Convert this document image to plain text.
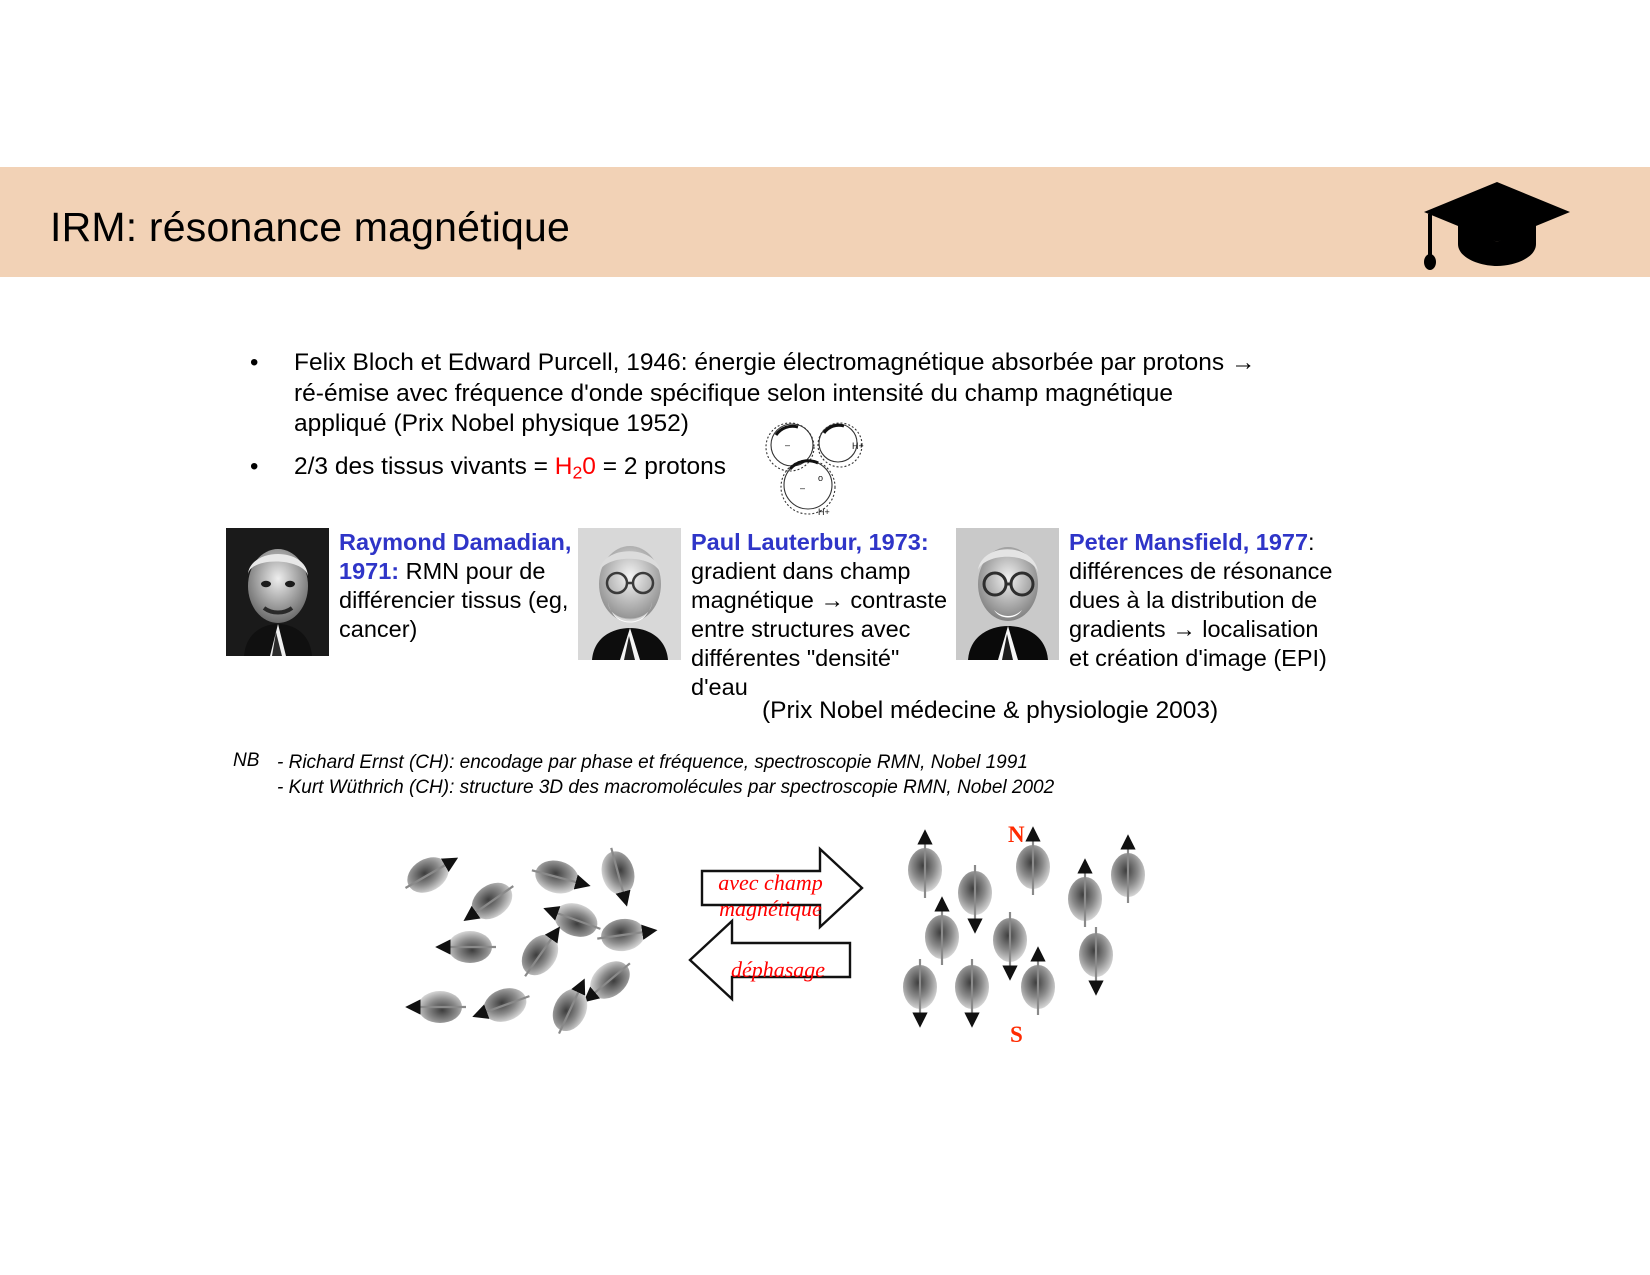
IRM: résonance magnétique
•	Felix Bloch et Edward Purcell, 1946: énergie électromagnétique absorbée par protons → ré-émise avec fréquence d'onde spécifique selon intensité du champ magnétique appliqué (Prix Nobel physique 1952)
•	2/3 des tissus vivants = $H_20 = 2$ protons
–
–
o
H+
H+
Raymond Damadian, 1971: RMN pour de différencier tissus (eg, cancer)
Paul Lauterbur, 1973: gradient dans champ magnétique → contraste entre structures avec différentes "densité" d'eau
Peter Mansfield, 1977: différences de résonance dues à la distribution de gradients → localisation et création d'image (EPI)
(Prix Nobel médecine & physiologie 2003)
NB - Richard Ernst (CH): encodage par phase et fréquence, spectroscopie RMN, Nobel 1991
- Kurt Wüthrich (CH): structure 3D des macromolécules par spectroscopie RMN, Nobel 2002
avec champ
magnétique
déphasage
N
S
